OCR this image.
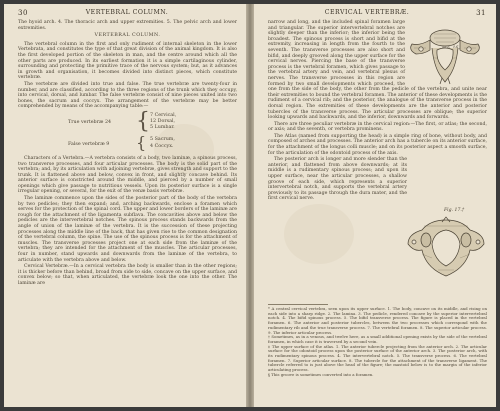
30	VERTEBRAL COLUMN.

The hyoid arch. 4. The thoracic arch and upper extremities. 5. The pelvic arch and lower extremities.

VERTEBRAL COLUMN.

The vertebral column in the first and only rudiment of internal skeleton in the lower Vertebrata, and constitutes the type of that great division of the animal kingdom. It is also the first developed portion of the skeleton in man, and the centre around which all the other parts are produced. In its earliest formation it is a simple cartilaginous cylinder, surrounding and protecting the primitive trace of the nervous system; but, as it advances in growth and organisation, it becomes divided into distinct pieces, which constitute vertebræ.

The vertebræ are divided into true and false. The true vertebræ are twenty-four in number, and are classified, according to the three regions of the trunk which they occupy, into cervical, dorsal, and lumbar. The false vertebræ consist of nine pieces united into two bones, the sacrum and coccyx. The arrangement of the vertebræ may be better comprehended by means of the accompanying table:—

True vertebræ 24 { 7 Cervical,
12 Dorsal,
5 Lumbar.
False vertebræ 9 { 5 Sacrum,
4 Coccyx.

Characters of a Vertebra.—A vertebra consists of a body, two laminæ, a spinous process, two transverse processes, and four articular processes. The body is the solid part of the vertebra; and, by its articulation with adjoining vertebræ, gives strength and support to the trunk. It is flattened above and below, convex in front, and slightly concave behind. Its anterior surface is constricted around the middle, and pierced by a number of small openings which give passage to nutritious vessels. Upon its posterior surface is a single irregular opening, or several, for the exit of the venæ basis vertebræ.

The laminæ commence upon the sides of the posterior part of the body of the vertebra by two pedicles; they then expand; and, arching backwards, enclose a foramen which serves for the protection of the spinal cord. The upper and lower borders of the laminæ are rough for the attachment of the ligamenta subflava. The concavities above and below the pedicles are the intervertebral notches. The spinous process stands backwards from the angle of union of the laminæ of the vertebra. It is the succession of these projecting processes along the middle line of the back, that has given rise to the common designation of the vertebral column, the spine. The use of the spinous process is for the attachment of muscles. The transverse processes project one at each side from the laminæ of the vertebra; they are intended for the attachment of the muscles. The articular processes, four in number, stand upwards and downwards from the laminæ of the vertebra, to articulate with the vertebra above and below.

Cervical Vertebræ.—In a cervical vertebra the body is smaller than in the other regions; it is thicker before than behind, broad from side to side, concave on the upper surface, and convex below; so that, when articulated, the vertebræ look the one into the other. The laminæ are

CERVICAL VERTEBRÆ.	31

narrow and long, and the included spinal foramen large and triangular. The superior intervertebral notches are slightly deeper than the inferior; the inferior being the broadest. The spinous process is short and bifid at the extremity, increasing in length from the fourth to the seventh. The transverse processes are also short and bifid, and deeply grooved along the upper surface for the cervical nerves. Piercing the base of the transverse process is the vertebral foramen, which gives passage to the vertebral artery and vein, and vertebral plexus of nerves. The transverse processes in this region are formed by two small developments which proceed, the one from the side of the body, the other from the pedicle of the vertebra, and unite near their extremities to bound the vertebral foramen. The anterior of these developments is the rudiment of a cervical rib; and the posterior, the analogue of the transverse process in the dorsal region. The extremities of these developments are the anterior and posterior tubercles of the transverse process. The articular processes are oblique; the superior looking upwards and backwards, and the inferior, downwards and forwards.

There are three peculiar vertebræ in the cervical region:—The first, or atlas; the second, or axis; and the seventh, or vertebra prominens.

The Atlas (named from supporting the head) is a simple ring of bone, without body, and composed of arches and processes. The anterior arch has a tubercle on its anterior surface, for the attachment of the longus colli muscle; and on its posterior aspect a smooth surface, for the articulation of the odontoid process of the axis.

The posterior arch is longer and more slender than the anterior, and flattened from above downwards; at its middle is a rudimentary spinous process; and upon its upper surface, near the articular processes, a shallow groove of each side, which represents a superior intervertebral notch, and supports the vertebral artery previously to its passage through the dura mater, and the first cervical nerve.

Fig. 17.†

* A central cervical vertebra, seen upon its upper surface. 1. The body, concave on its middle, and rising on each side into a sharp ridge. 2. The lamina. 3. The pedicle, rendered concave by the superior intervertebral notch. 4. The bifid spinous process. 5. The bifid transverse process. The figure is placed in the vertebral foramen. 6. The anterior and posterior tubercles, between the two processes which correspond with the rudimentary rib and the true transverse process. 7. The vertebral foramen. 8. The superior articular process. 9. The inferior articular process.

† Sometimes, as in a venous, and twelve here, as a small additional opening exists by the side of the vertebral foramen, in which case it is traversed by a second vein.

‡ The upper surface of the atlas. 1. The anterior tubercle projecting from the anterior arch. 2. The articular surface for the odontoid process upon the posterior surface of the anterior arch. 3. The posterior arch, with its rudimentary spinous process. 4. The intervertebral notch. 5. The transverse process. 6. The vertebral foramen. 7. Superior articular surface. 8. The tubercle for the attachment of the transverse ligament. The tubercle referred to is just above the head of the figure; the mastoid below is to the margin of the inferior articulating process.

§ This groove is sometimes converted into a foramen.
